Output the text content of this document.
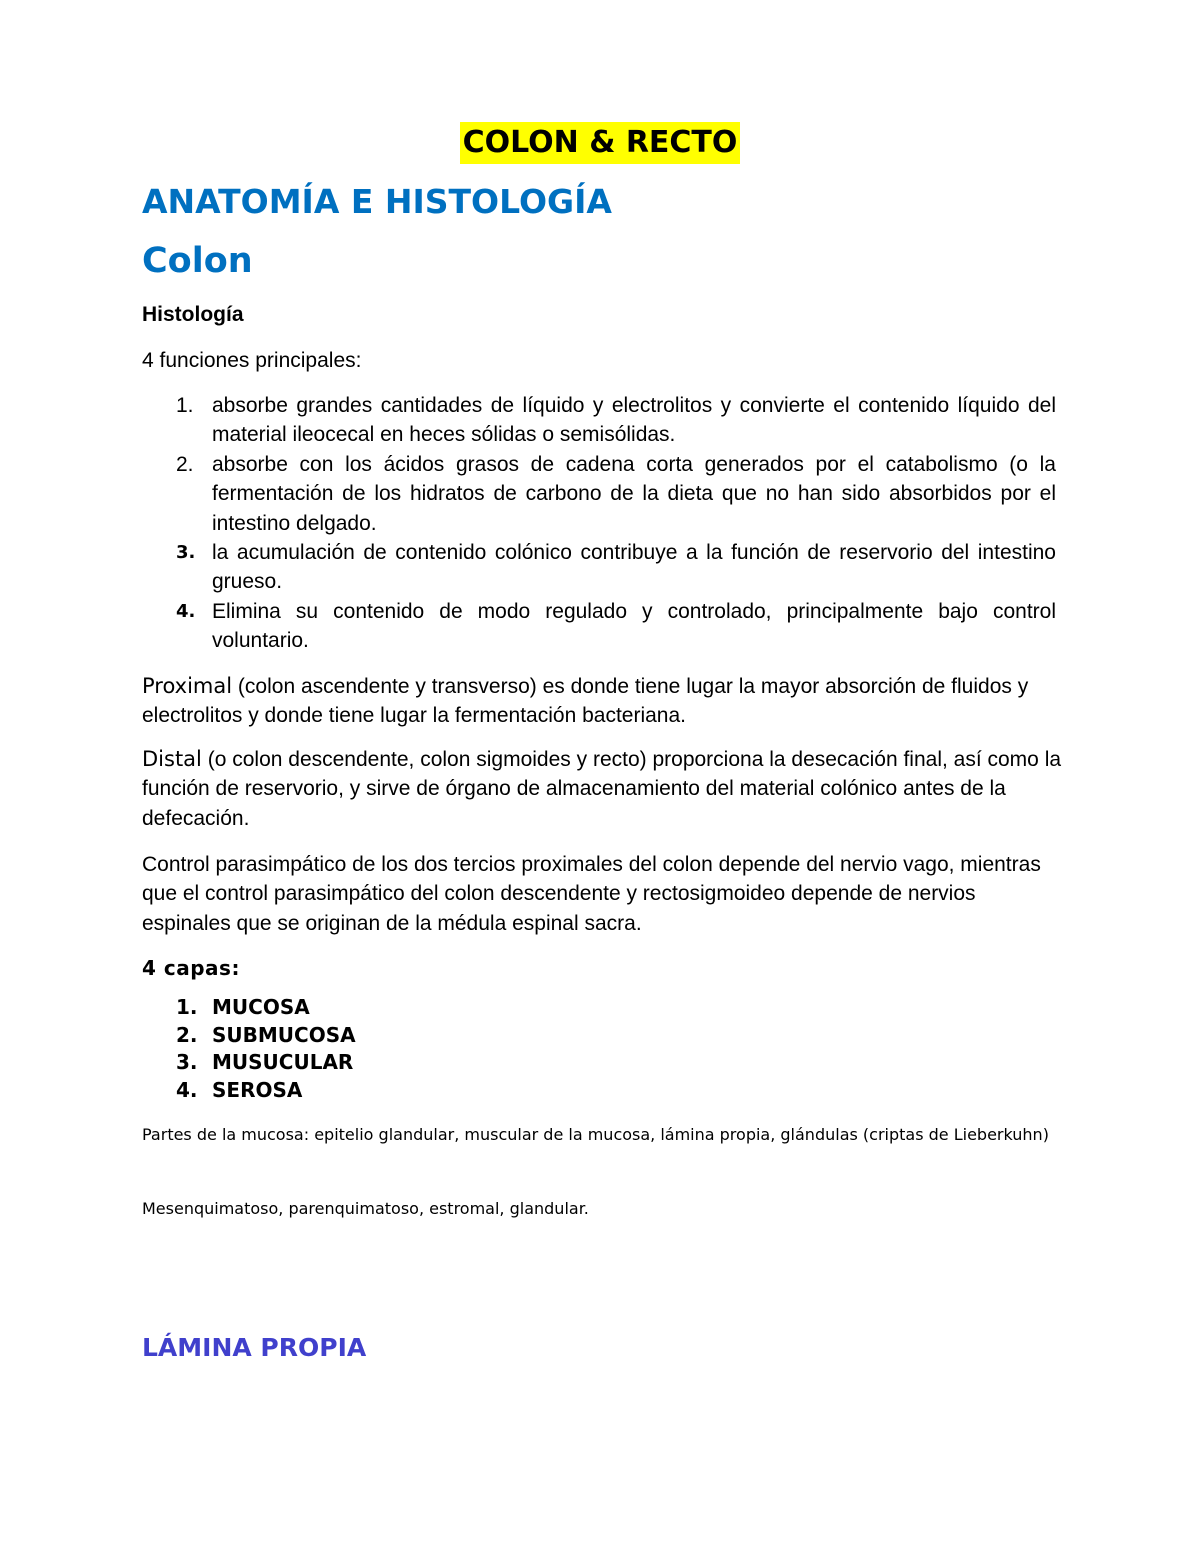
COLON & RECTO
ANATOMÍA E HISTOLOGÍA
Colon
Histología

4 funciones principales:

1. absorbe grandes cantidades de líquido y electrolitos y convierte el contenido líquido del material ileocecal en heces sólidas o semisólidas.
2. absorbe con los ácidos grasos de cadena corta generados por el catabolismo (o la fermentación de los hidratos de carbono de la dieta que no han sido absorbidos por el intestino delgado.
3. la acumulación de contenido colónico contribuye a la función de reservorio del intestino grueso.
4. Elimina su contenido de modo regulado y controlado, principalmente bajo control voluntario.

Proximal (colon ascendente y transverso) es donde tiene lugar la mayor absorción de fluidos y electrolitos y donde tiene lugar la fermentación bacteriana.

Distal (o colon descendente, colon sigmoides y recto) proporciona la desecación final, así como la función de reservorio, y sirve de órgano de almacenamiento del material colónico antes de la defecación.

Control parasimpático de los dos tercios proximales del colon depende del nervio vago, mientras que el control parasimpático del colon descendente y rectosigmoideo depende de nervios espinales que se originan de la médula espinal sacra.

4 capas:

1. MUCOSA
2. SUBMUCOSA
3. MUSUCULAR
4. SEROSA

Partes de la mucosa: epitelio glandular, muscular de la mucosa, lámina propia, glándulas (criptas de Lieberkuhn)

Mesenquimatoso, parenquimatoso, estromal, glandular.

LÁMINA PROPIA
